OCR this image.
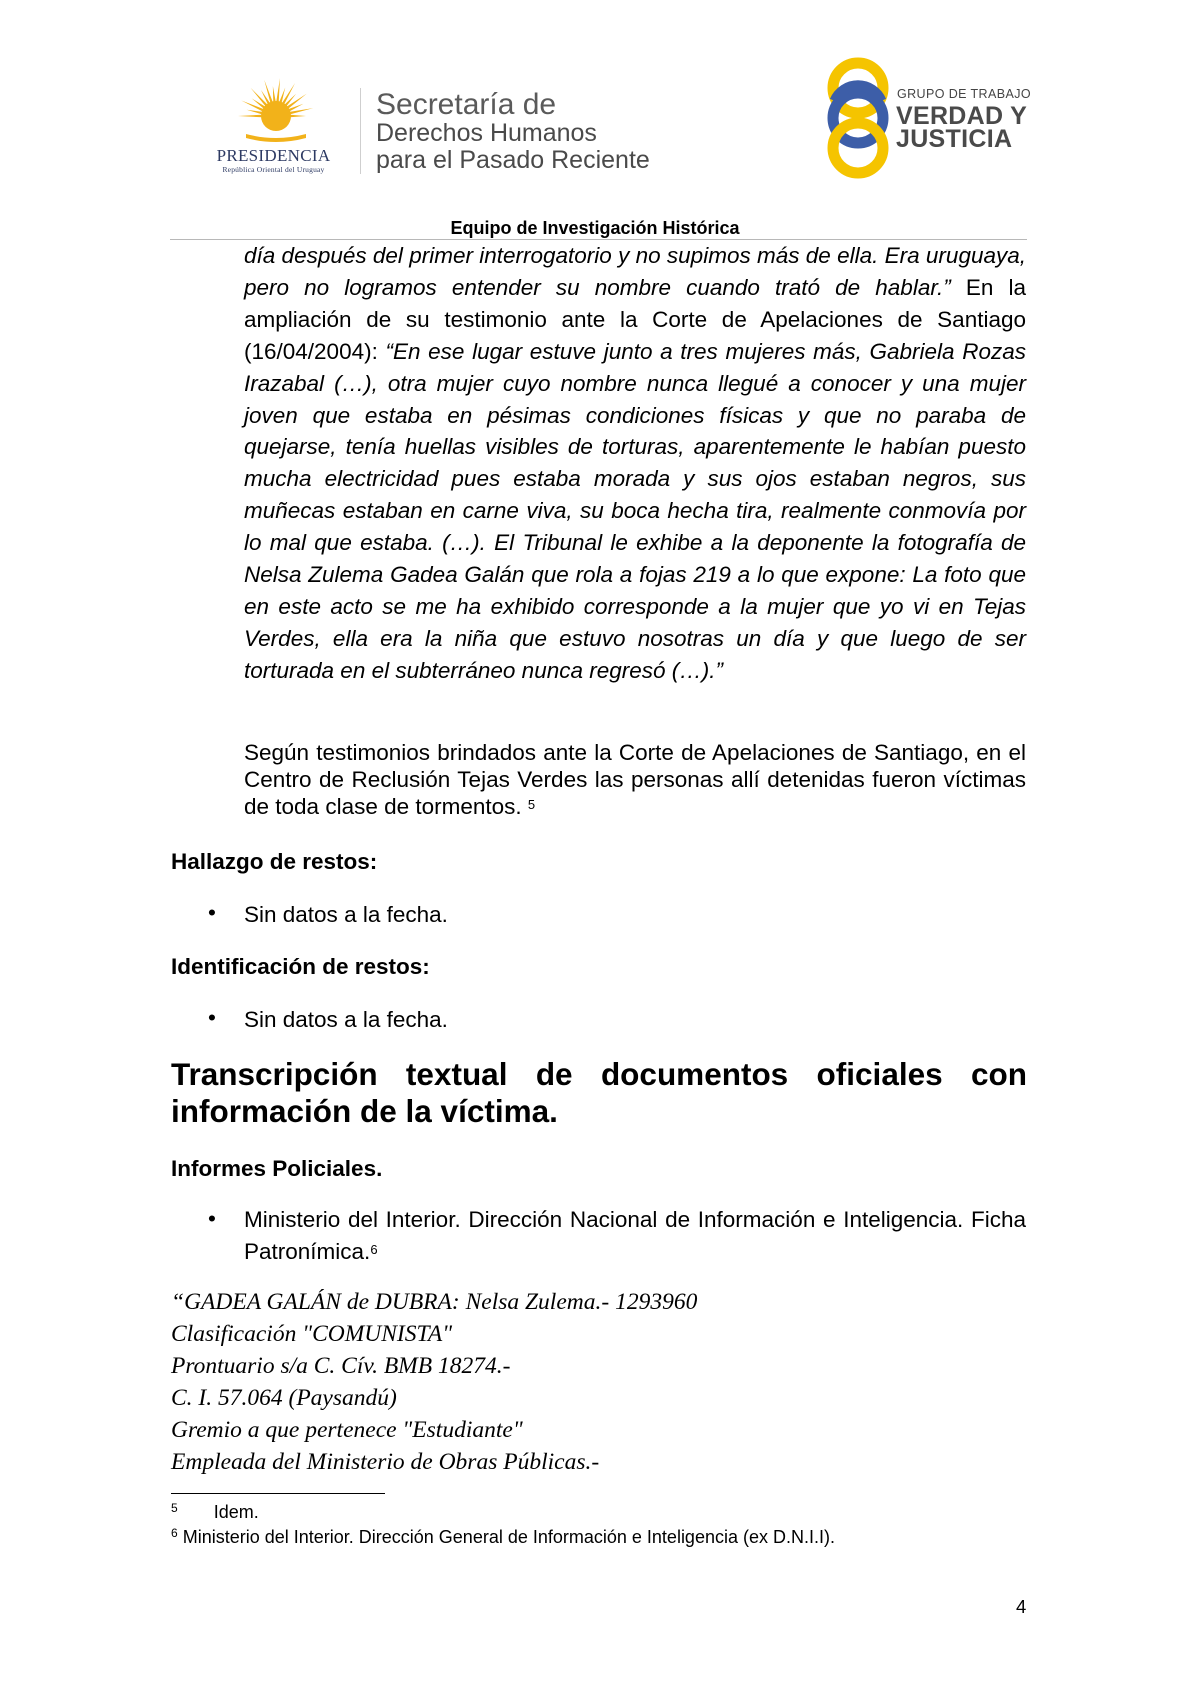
PRESIDENCIA
República Oriental del Uruguay
Secretaría de
Derechos Humanos
para el Pasado Reciente
GRUPO DE TRABAJO
VERDAD Y
JUSTICIA
Equipo de Investigación Histórica
día después del primer interrogatorio y no supimos más de ella. Era uruguaya, pero no logramos entender su nombre cuando trató de hablar.” En la ampliación de su testimonio ante la Corte de Apelaciones de Santiago (16/04/2004): “En ese lugar estuve junto a tres mujeres más, Gabriela Rozas Irazabal (…), otra mujer cuyo nombre nunca llegué a conocer y una mujer joven que estaba en pésimas condiciones físicas y que no paraba de quejarse, tenía huellas visibles de torturas, aparentemente le habían puesto mucha electricidad pues estaba morada y sus ojos estaban negros, sus muñecas estaban en carne viva, su boca hecha tira, realmente conmovía por lo mal que estaba. (…). El Tribunal le exhibe a la deponente la fotografía de Nelsa Zulema Gadea Galán que rola a fojas 219 a lo que expone: La foto que en este acto se me ha exhibido corresponde a la mujer que yo vi en Tejas Verdes, ella era la niña que estuvo nosotras un día y que luego de ser torturada en el subterráneo nunca regresó (…).”
Según testimonios brindados ante la Corte de Apelaciones de Santiago, en el Centro de Reclusión Tejas Verdes las personas allí detenidas fueron víctimas de toda clase de tormentos. $^5$
Hallazgo de restos:
• Sin datos a la fecha.
Identificación de restos:
• Sin datos a la fecha.
Transcripción textual de documentos oficiales con información de la víctima.
Informes Policiales.
• Ministerio del Interior. Dirección Nacional de Información e Inteligencia. Ficha Patronímica.$^6$
“GADEA GALÁN de DUBRA: Nelsa Zulema.- 1293960
Clasificación "COMUNISTA"
Prontuario s/a C. Cív. BMB 18274.-
C. I. 57.064 (Paysandú)
Gremio a que pertenece "Estudiante"
Empleada del Ministerio de Obras Públicas.-
$^5$ Idem.
$^6$ Ministerio del Interior. Dirección General de Información e Inteligencia (ex D.N.I.I).
4
